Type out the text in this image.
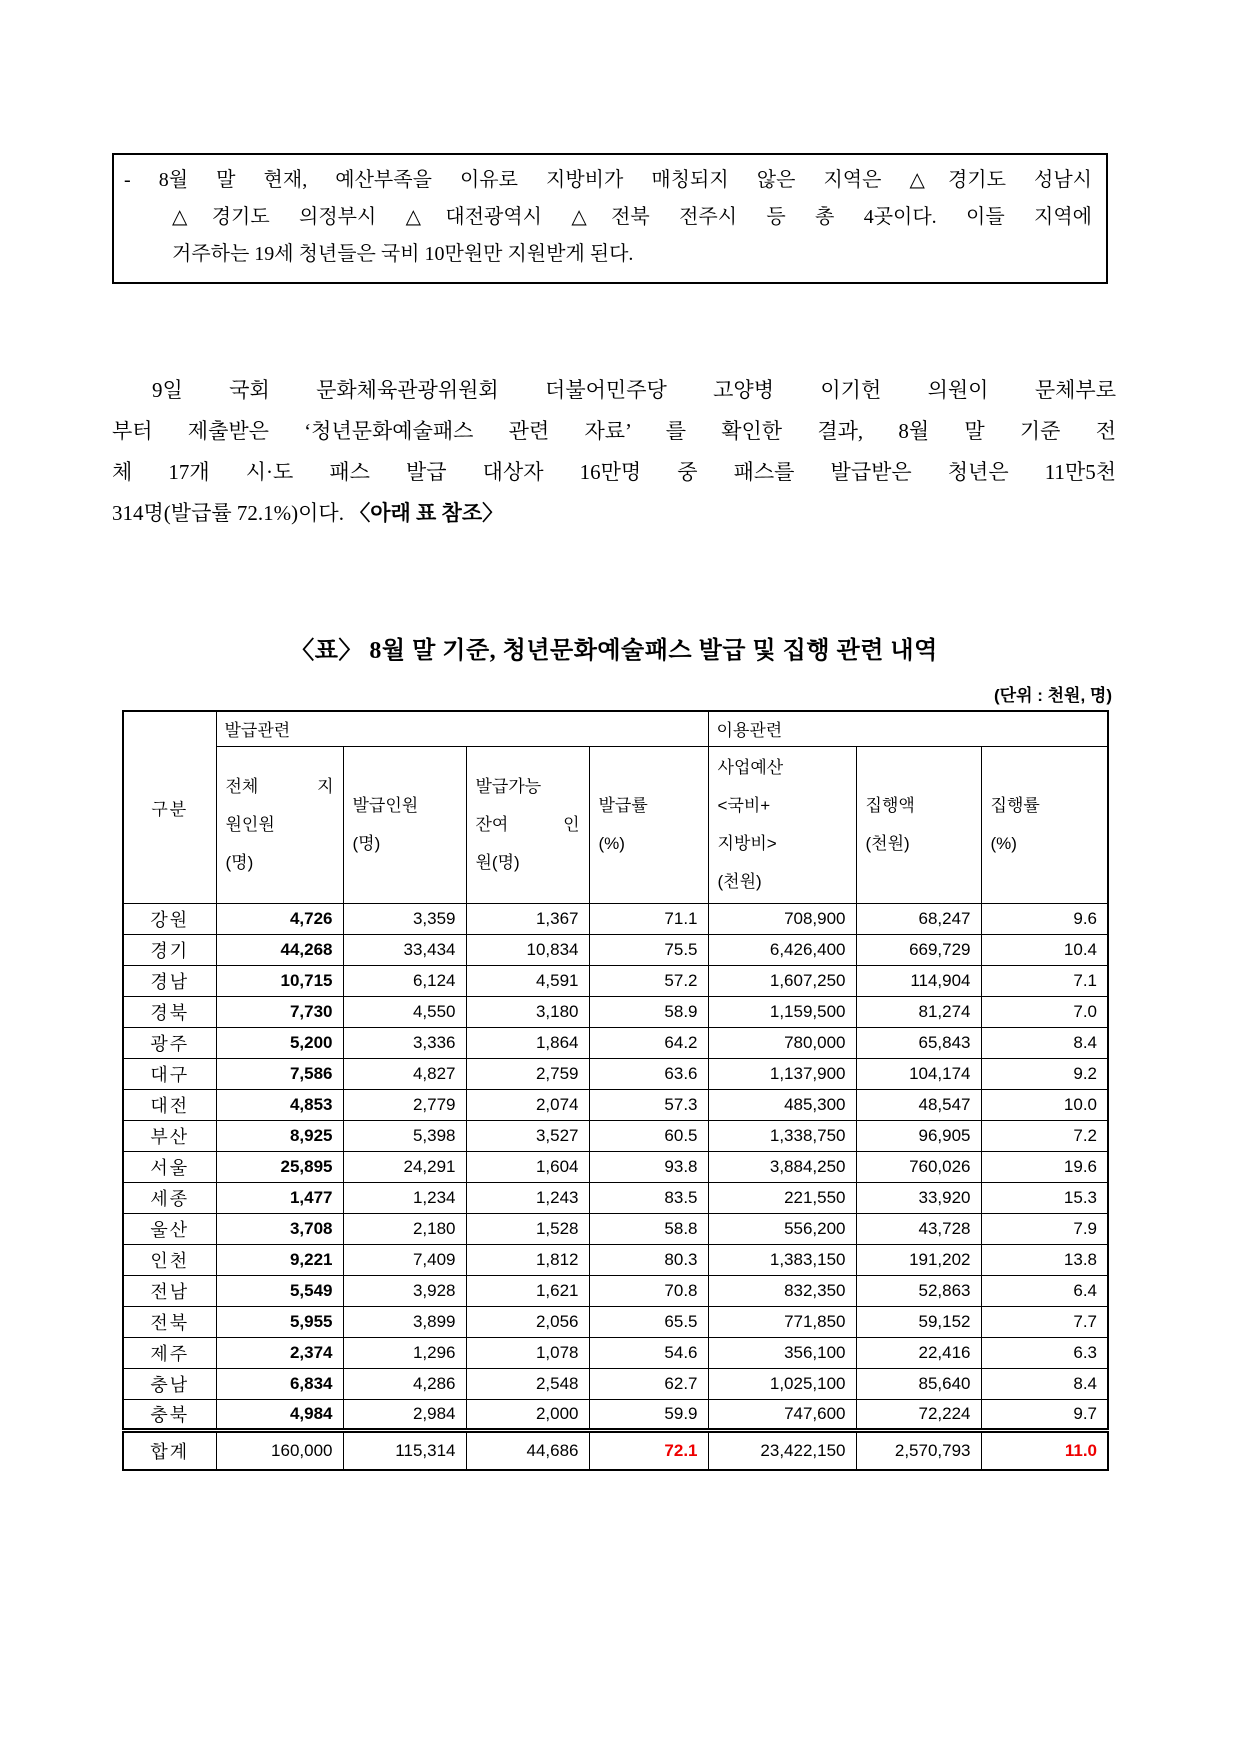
- 8월 말 현재, 예산부족을 이유로 지방비가 매칭되지 않은 지역은 △경기도 성남시
△경기도 의정부시 △대전광역시 △전북 전주시 등 총 4곳이다. 이들 지역에
거주하는 19세 청년들은 국비 10만원만 지원받게 된다.
9일 국회 문화체육관광위원회 더불어민주당 고양병 이기헌 의원이 문체부로
부터 제출받은 ‘청년문화예술패스 관련 자료’ 를 확인한 결과, 8월 말 기준 전
체 17개 시·도 패스 발급 대상자 16만명 중 패스를 발급받은 청년은 11만5천
314명(발급률 72.1%)이다. 〈아래 표 참조〉
〈표〉 8월 말 기준, 청년문화예술패스 발급 및 집행 관련 내역
(단위 : 천원, 명)
구분	발급관련				이용관련		

전체 지
원인원
(명)

발급인원
(명)

발급가능
잔여 인
원(명)

발급률
(%)

사업예산
<국비+
지방비>
(천원)

집행액
(천원)

집행률
(%)

강원	4,726	3,359	1,367	71.1	708,900	68,247	9.6
경기	44,268	33,434	10,834	75.5	6,426,400	669,729	10.4
경남	10,715	6,124	4,591	57.2	1,607,250	114,904	7.1
경북	7,730	4,550	3,180	58.9	1,159,500	81,274	7.0
광주	5,200	3,336	1,864	64.2	780,000	65,843	8.4
대구	7,586	4,827	2,759	63.6	1,137,900	104,174	9.2
대전	4,853	2,779	2,074	57.3	485,300	48,547	10.0
부산	8,925	5,398	3,527	60.5	1,338,750	96,905	7.2
서울	25,895	24,291	1,604	93.8	3,884,250	760,026	19.6
세종	1,477	1,234	1,243	83.5	221,550	33,920	15.3
울산	3,708	2,180	1,528	58.8	556,200	43,728	7.9
인천	9,221	7,409	1,812	80.3	1,383,150	191,202	13.8
전남	5,549	3,928	1,621	70.8	832,350	52,863	6.4
전북	5,955	3,899	2,056	65.5	771,850	59,152	7.7
제주	2,374	1,296	1,078	54.6	356,100	22,416	6.3
충남	6,834	4,286	2,548	62.7	1,025,100	85,640	8.4
충북	4,984	2,984	2,000	59.9	747,600	72,224	9.7
합계	160,000	115,314	44,686	72.1	23,422,150	2,570,793	11.0
